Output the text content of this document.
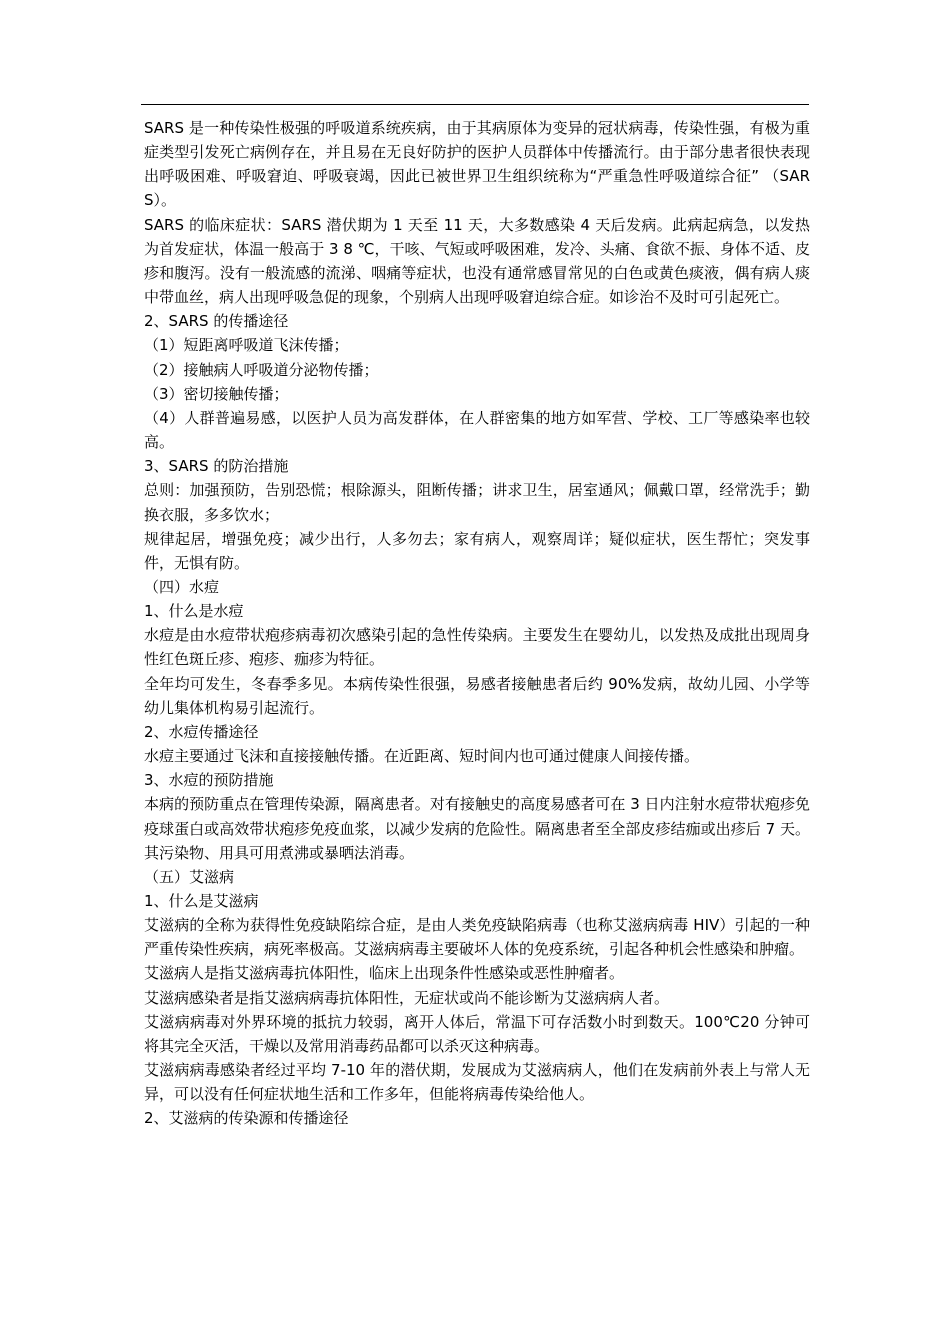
SARS 是一种传染性极强的呼吸道系统疾病，由于其病原体为变异的冠状病毒，传染性强，有极为重症类型引发死亡病例存在，并且易在无良好防护的医护人员群体中传播流行。由于部分患者很快表现出呼吸困难、呼吸窘迫、呼吸衰竭，因此已被世界卫生组织统称为“严重急性呼吸道综合征” （SARS）。

SARS 的临床症状：SARS 潜伏期为 1 天至 11 天，大多数感染 4 天后发病。此病起病急，以发热为首发症状，体温一般高于 3 8 ℃，干咳、气短或呼吸困难，发冷、头痛、食欲不振、身体不适、皮疹和腹泻。没有一般流感的流涕、咽痛等症状，也没有通常感冒常见的白色或黄色痰液，偶有病人痰中带血丝，病人出现呼吸急促的现象，个别病人出现呼吸窘迫综合症。如诊治不及时可引起死亡。

2、SARS 的传播途径

（1）短距离呼吸道飞沫传播；

（2）接触病人呼吸道分泌物传播；

（3）密切接触传播；

（4）人群普遍易感，以医护人员为高发群体，在人群密集的地方如军营、学校、工厂等感染率也较高。

3、SARS 的防治措施

总则：加强预防，告别恐慌；根除源头，阻断传播；讲求卫生，居室通风；佩戴口罩，经常洗手；勤换衣服，多多饮水；

规律起居，增强免疫；减少出行，人多勿去；家有病人，观察周详；疑似症状，医生帮忙；突发事件，无惧有防。

（四）水痘

1、什么是水痘

水痘是由水痘带状疱疹病毒初次感染引起的急性传染病。主要发生在婴幼儿，以发热及成批出现周身性红色斑丘疹、疱疹、痂疹为特征。

全年均可发生，冬春季多见。本病传染性很强，易感者接触患者后约 90%发病，故幼儿园、小学等幼儿集体机构易引起流行。

2、水痘传播途径

水痘主要通过飞沫和直接接触传播。在近距离、短时间内也可通过健康人间接传播。

3、水痘的预防措施

本病的预防重点在管理传染源，隔离患者。对有接触史的高度易感者可在 3 日内注射水痘带状疱疹免疫球蛋白或高效带状疱疹免疫血浆，以减少发病的危险性。隔离患者至全部皮疹结痂或出疹后 7 天。其污染物、用具可用煮沸或暴晒法消毒。

（五）艾滋病

1、什么是艾滋病

艾滋病的全称为获得性免疫缺陷综合症，是由人类免疫缺陷病毒（也称艾滋病病毒 HIV）引起的一种严重传染性疾病，病死率极高。艾滋病病毒主要破坏人体的免疫系统，引起各种机会性感染和肿瘤。

艾滋病人是指艾滋病毒抗体阳性，临床上出现条件性感染或恶性肿瘤者。

艾滋病感染者是指艾滋病病毒抗体阳性，无症状或尚不能诊断为艾滋病病人者。

艾滋病病毒对外界环境的抵抗力较弱，离开人体后，常温下可存活数小时到数天。100℃20 分钟可将其完全灭活，干燥以及常用消毒药品都可以杀灭这种病毒。

艾滋病病毒感染者经过平均 7-10 年的潜伏期，发展成为艾滋病病人，他们在发病前外表上与常人无异，可以没有任何症状地生活和工作多年，但能将病毒传染给他人。

2、艾滋病的传染源和传播途径
